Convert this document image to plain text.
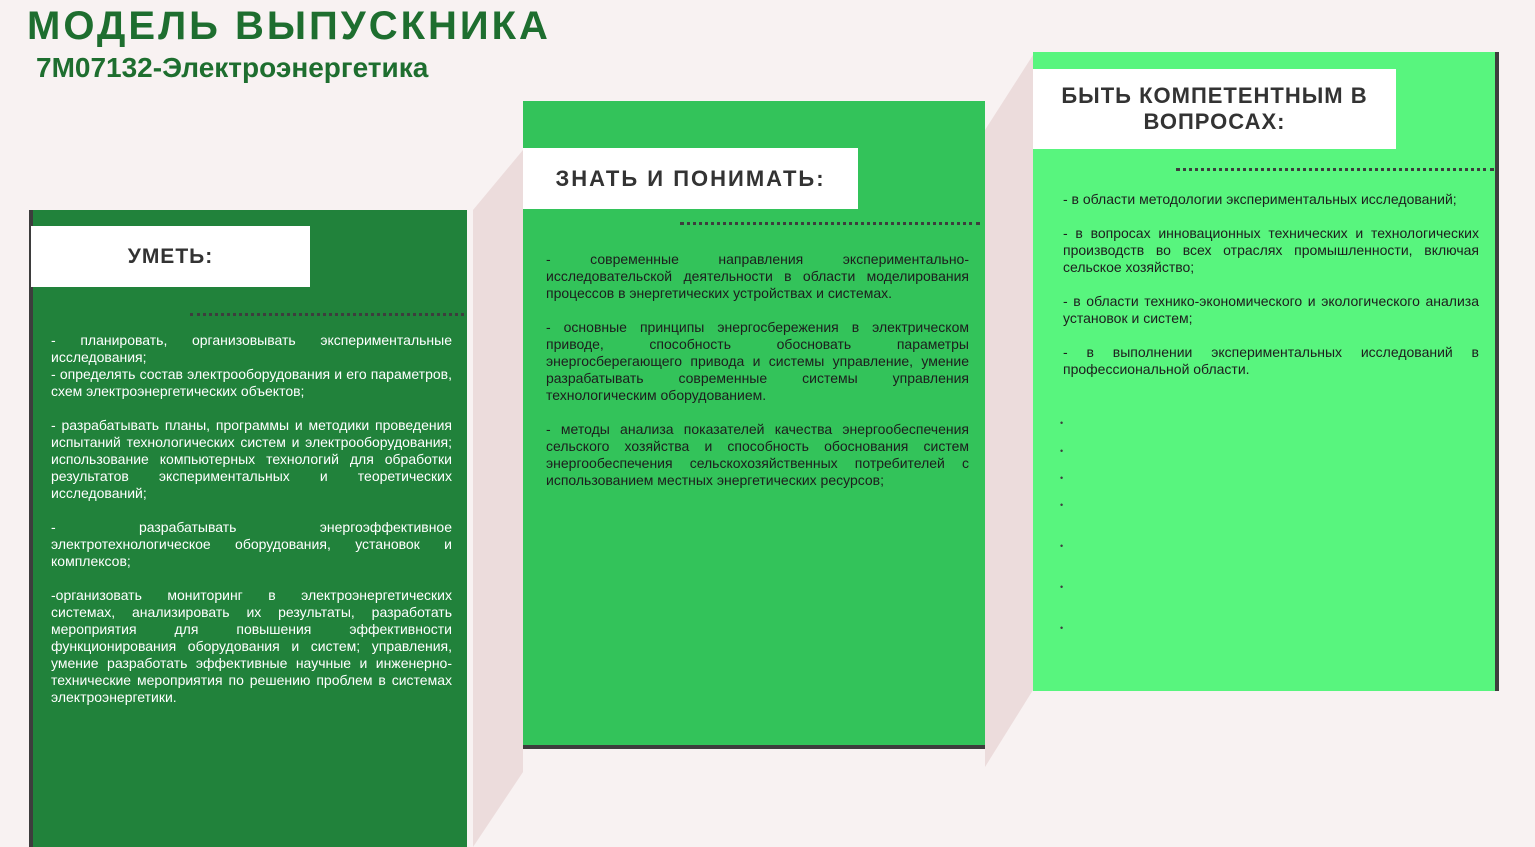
МОДЕЛЬ ВЫПУСКНИКА
7M07132-Электроэнергетика
УМЕТЬ:

- планировать, организовывать экспериментальные исследования;
- определять состав электрооборудования и его параметров, схем электроэнергетических объектов;

- разрабатывать планы, программы и методики проведения испытаний технологических систем и электрооборудования; использование компьютерных технологий для обработки результатов экспериментальных и теоретических исследований;

- разрабатывать энергоэффективное электротехнологическое оборудования, установок и комплексов;

-организовать мониторинг в электроэнергетических системах, анализировать их результаты, разработать мероприятия для повышения эффективности функционирования оборудования и систем; управления, умение разработать эффективные научные и инженерно-технические мероприятия по решению проблем в системах электроэнергетики.

ЗНАТЬ И ПОНИМАТЬ:

- современные направления экспериментально-исследовательской деятельности в области моделирования процессов в энергетических устройствах и системах.

- основные принципы энергосбережения в электрическом приводе, способность обосновать параметры энергосберегающего привода и системы управление, умение разрабатывать современные системы управления технологическим оборудованием.

- методы анализа показателей качества энергообеспечения сельского хозяйства и способность обоснования систем энергообеспечения сельскохозяйственных потребителей с использованием местных энергетических ресурсов;

БЫТЬ КОМПЕТЕНТНЫМ В ВОПРОСАХ:

- в области методологии экспериментальных исследований;

- в вопросах инновационных технических и технологических производств во всех отраслях промышленности, включая сельское хозяйство;

- в области технико-экономического и экологического анализа установок и систем;

- в выполнении экспериментальных исследований в профессиональной области.
